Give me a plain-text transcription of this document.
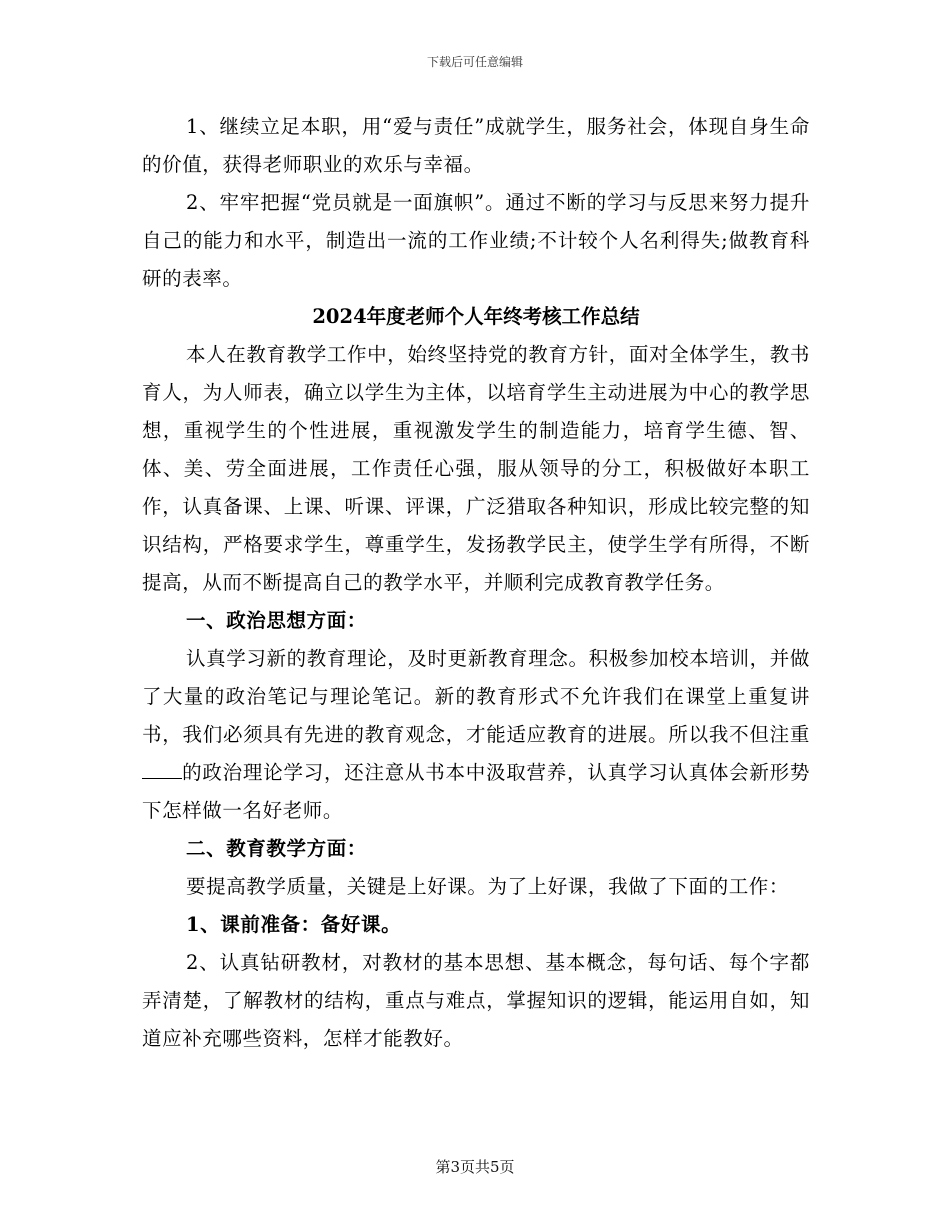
下载后可任意编辑

1、继续立足本职，用“爱与责任”成就学生，服务社会，体现自身生命的价值，获得老师职业的欢乐与幸福。

2、牢牢把握“党员就是一面旗帜”。通过不断的学习与反思来努力提升自己的能力和水平，制造出一流的工作业绩;不计较个人名利得失;做教育科研的表率。

2024年度老师个人年终考核工作总结

本人在教育教学工作中，始终坚持党的教育方针，面对全体学生，教书育人，为人师表，确立以学生为主体，以培育学生主动进展为中心的教学思想，重视学生的个性进展，重视激发学生的制造能力，培育学生德、智、体、美、劳全面进展，工作责任心强，服从领导的分工，积极做好本职工作，认真备课、上课、听课、评课，广泛猎取各种知识，形成比较完整的知识结构，严格要求学生，尊重学生，发扬教学民主，使学生学有所得，不断提高，从而不断提高自己的教学水平，并顺利完成教育教学任务。

一、政治思想方面：

认真学习新的教育理论，及时更新教育理念。积极参加校本培训，并做了大量的政治笔记与理论笔记。新的教育形式不允许我们在课堂上重复讲书，我们必须具有先进的教育观念，才能适应教育的进展。所以我不但注重的政治理论学习，还注意从书本中汲取营养，认真学习认真体会新形势下怎样做一名好老师。

二、教育教学方面：

要提高教学质量，关键是上好课。为了上好课，我做了下面的工作：

1、课前准备：备好课。

2、认真钻研教材，对教材的基本思想、基本概念，每句话、每个字都弄清楚，了解教材的结构，重点与难点，掌握知识的逻辑，能运用自如，知道应补充哪些资料，怎样才能教好。

第3页共5页
